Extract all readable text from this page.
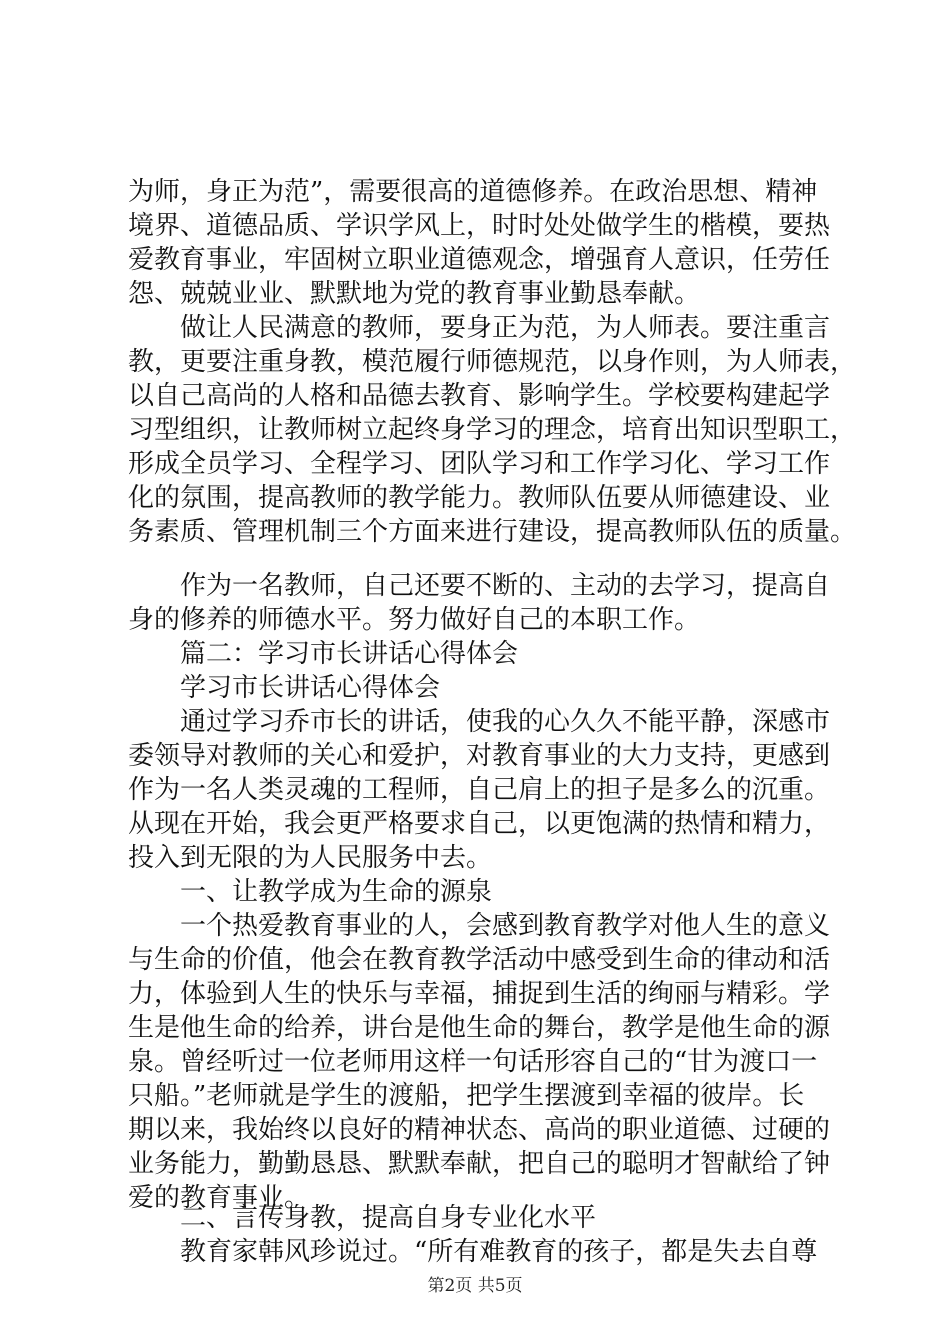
为师，身正为范”，需要很高的道德修养。在政治思想、精神
境界、道德品质、学识学风上，时时处处做学生的楷模，要热
爱教育事业，牢固树立职业道德观念，增强育人意识，任劳任
怨、兢兢业业、默默地为党的教育事业勤恳奉献。
做让人民满意的教师，要身正为范，为人师表。要注重言
教，更要注重身教，模范履行师德规范，以身作则，为人师表，
以自己高尚的人格和品德去教育、影响学生。学校要构建起学
习型组织，让教师树立起终身学习的理念，培育出知识型职工，
形成全员学习、全程学习、团队学习和工作学习化、学习工作
化的氛围，提高教师的教学能力。教师队伍要从师德建设、业
务素质、管理机制三个方面来进行建设，提高教师队伍的质量。
作为一名教师，自己还要不断的、主动的去学习，提高自
身的修养的师德水平。努力做好自己的本职工作。
篇二：学习市长讲话心得体会
学习市长讲话心得体会
通过学习乔市长的讲话，使我的心久久不能平静，深感市
委领导对教师的关心和爱护，对教育事业的大力支持，更感到
作为一名人类灵魂的工程师，自己肩上的担子是多么的沉重。
从现在开始，我会更严格要求自己，以更饱满的热情和精力，
投入到无限的为人民服务中去。
一、让教学成为生命的源泉
一个热爱教育事业的人，会感到教育教学对他人生的意义
与生命的价值，他会在教育教学活动中感受到生命的律动和活
力，体验到人生的快乐与幸福，捕捉到生活的绚丽与精彩。学
生是他生命的给养，讲台是他生命的舞台，教学是他生命的源
泉。曾经听过一位老师用这样一句话形容自己的“甘为渡口一
只船。”老师就是学生的渡船，把学生摆渡到幸福的彼岸。长
期以来，我始终以良好的精神状态、高尚的职业道德、过硬的
业务能力，勤勤恳恳、默默奉献，把自己的聪明才智献给了钟
爱的教育事业。
二、言传身教，提高自身专业化水平
第2页 共5页
教育家韩风珍说过。“所有难教育的孩子，都是失去自尊
